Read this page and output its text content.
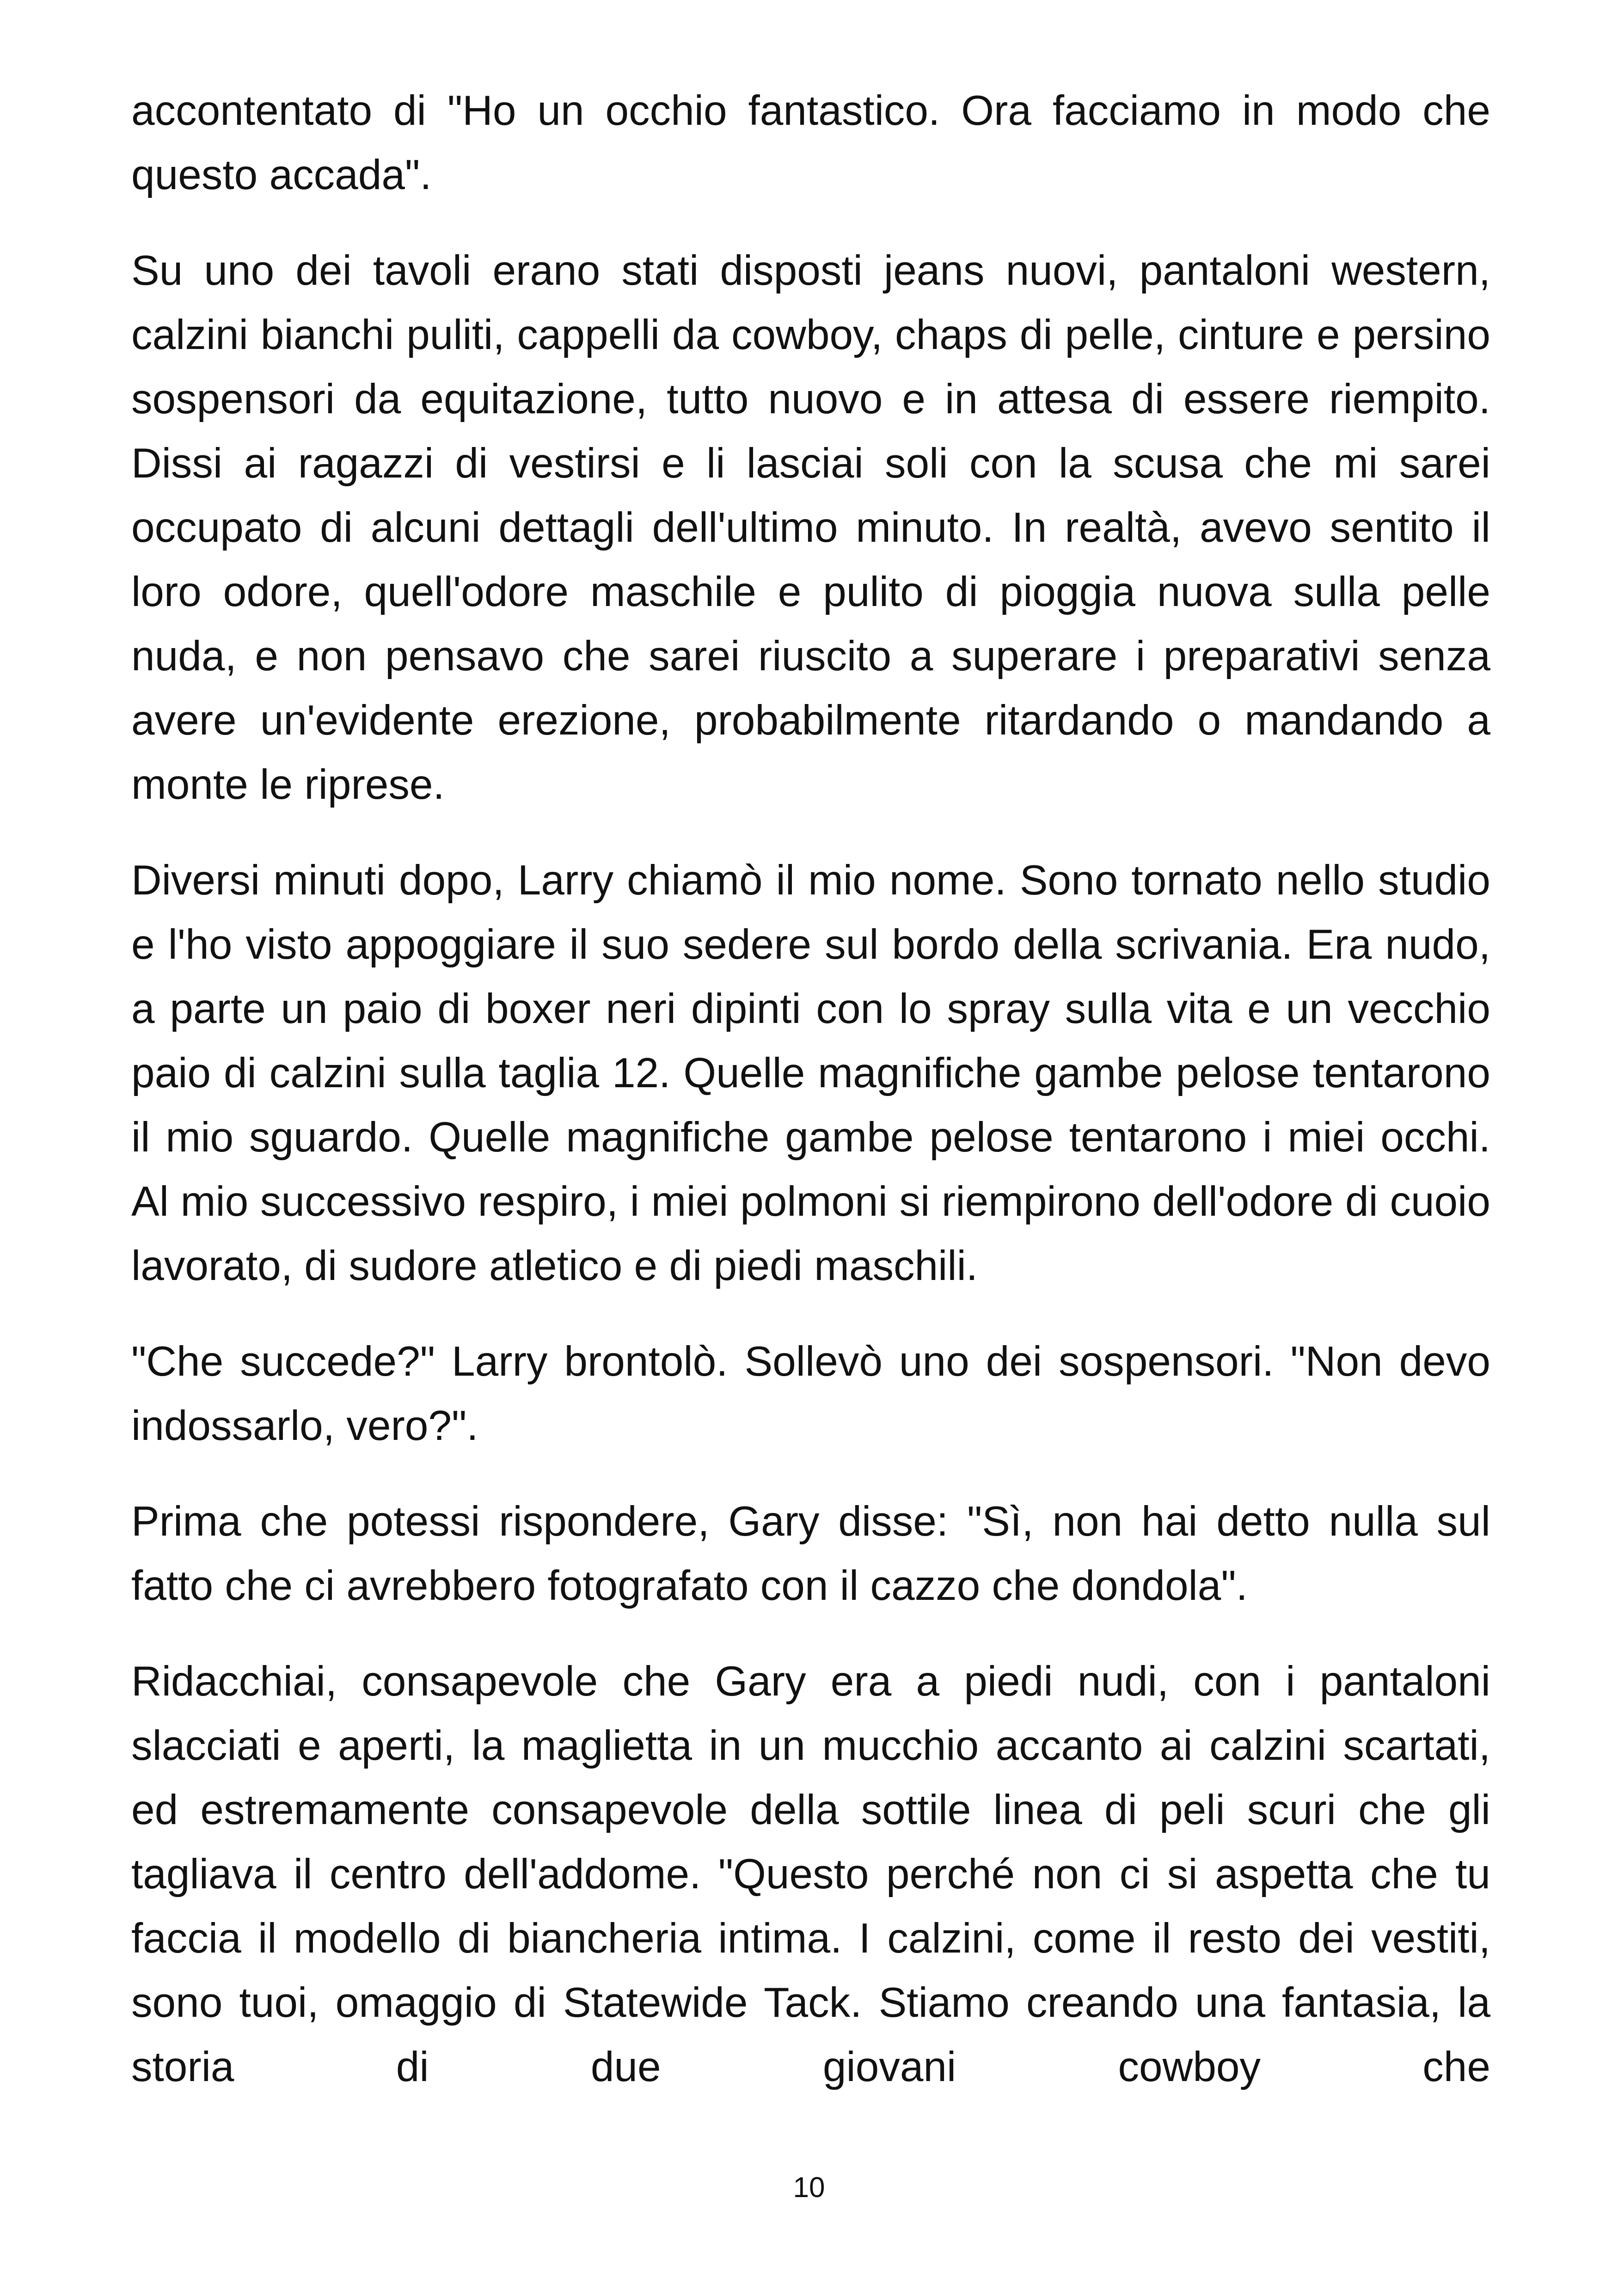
accontentato di "Ho un occhio fantastico. Ora facciamo in modo che questo accada".

Su uno dei tavoli erano stati disposti jeans nuovi, pantaloni western, calzini bianchi puliti, cappelli da cowboy, chaps di pelle, cinture e persino sospensori da equitazione, tutto nuovo e in attesa di essere riempito. Dissi ai ragazzi di vestirsi e li lasciai soli con la scusa che mi sarei occupato di alcuni dettagli dell'ultimo minuto. In realtà, avevo sentito il loro odore, quell'odore maschile e pulito di pioggia nuova sulla pelle nuda, e non pensavo che sarei riuscito a superare i preparativi senza avere un'evidente erezione, probabilmente ritardando o mandando a monte le riprese.

Diversi minuti dopo, Larry chiamò il mio nome. Sono tornato nello studio e l'ho visto appoggiare il suo sedere sul bordo della scrivania. Era nudo, a parte un paio di boxer neri dipinti con lo spray sulla vita e un vecchio paio di calzini sulla taglia 12. Quelle magnifiche gambe pelose tentarono il mio sguardo. Quelle magnifiche gambe pelose tentarono i miei occhi. Al mio successivo respiro, i miei polmoni si riempirono dell'odore di cuoio lavorato, di sudore atletico e di piedi maschili.

"Che succede?" Larry brontolò. Sollevò uno dei sospensori. "Non devo indossarlo, vero?".

Prima che potessi rispondere, Gary disse: "Sì, non hai detto nulla sul fatto che ci avrebbero fotografato con il cazzo che dondola".

Ridacchiai, consapevole che Gary era a piedi nudi, con i pantaloni slacciati e aperti, la maglietta in un mucchio accanto ai calzini scartati, ed estremamente consapevole della sottile linea di peli scuri che gli tagliava il centro dell'addome. "Questo perché non ci si aspetta che tu faccia il modello di biancheria intima. I calzini, come il resto dei vestiti, sono tuoi, omaggio di Statewide Tack. Stiamo creando una fantasia, la storia di due giovani cowboy che

10
